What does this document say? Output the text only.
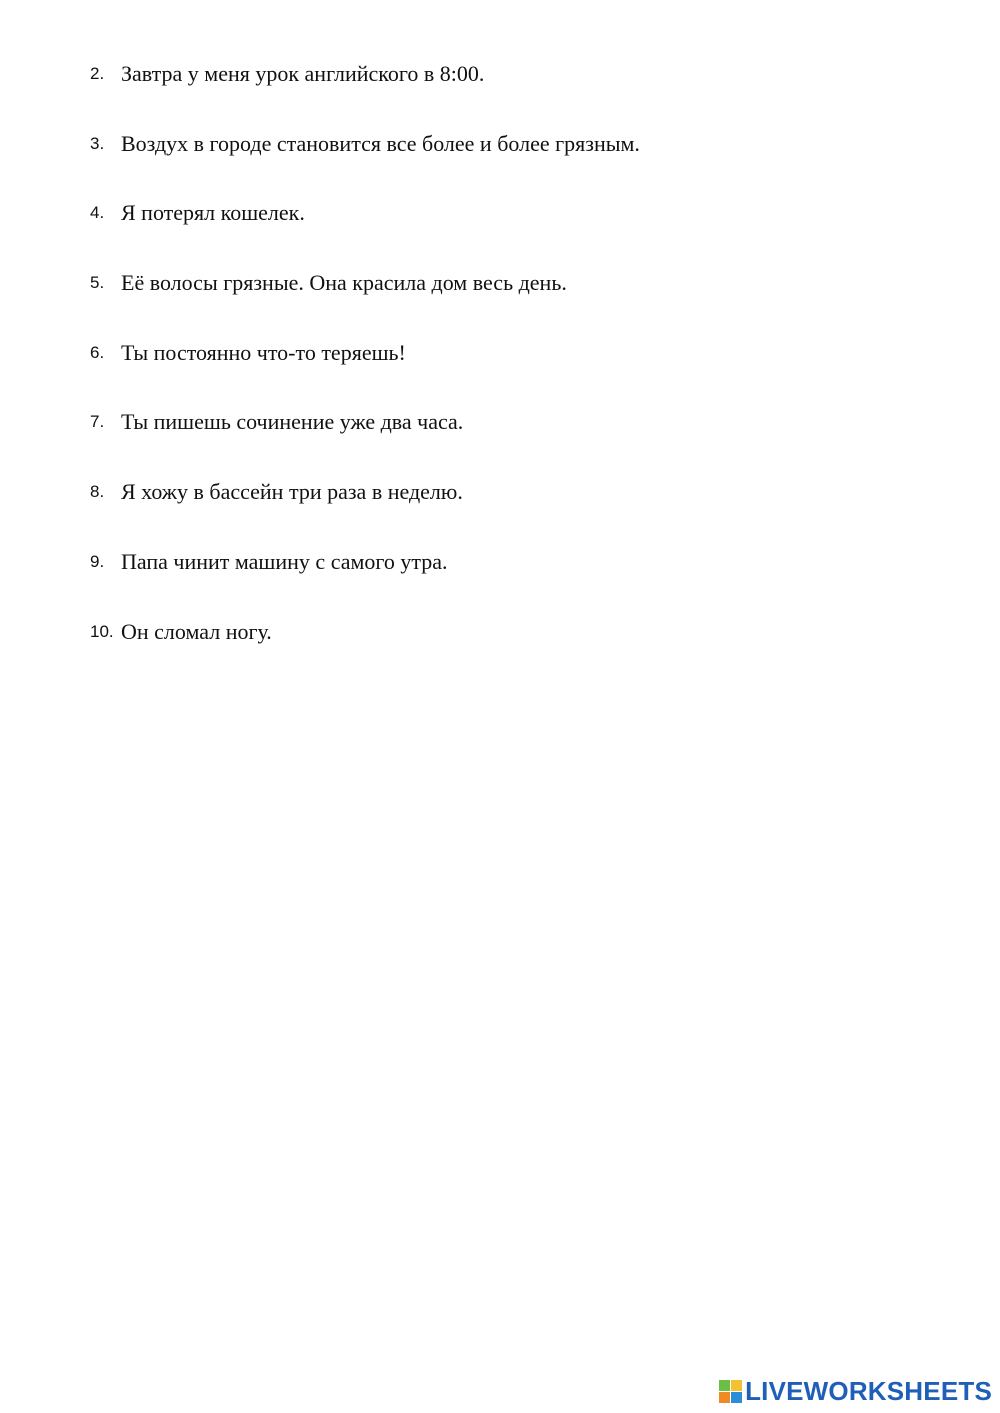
2. Завтра у меня урок английского в 8:00.
3. Воздух в городе становится все более и более грязным.
4. Я потерял кошелек.
5. Её волосы грязные. Она красила дом весь день.
6. Ты постоянно что-то теряешь!
7. Ты пишешь сочинение уже два часа.
8. Я хожу в бассейн три раза в неделю.
9. Папа чинит машину с самого утра.
10. Он сломал ногу.
LIVEWORKSHEETS
